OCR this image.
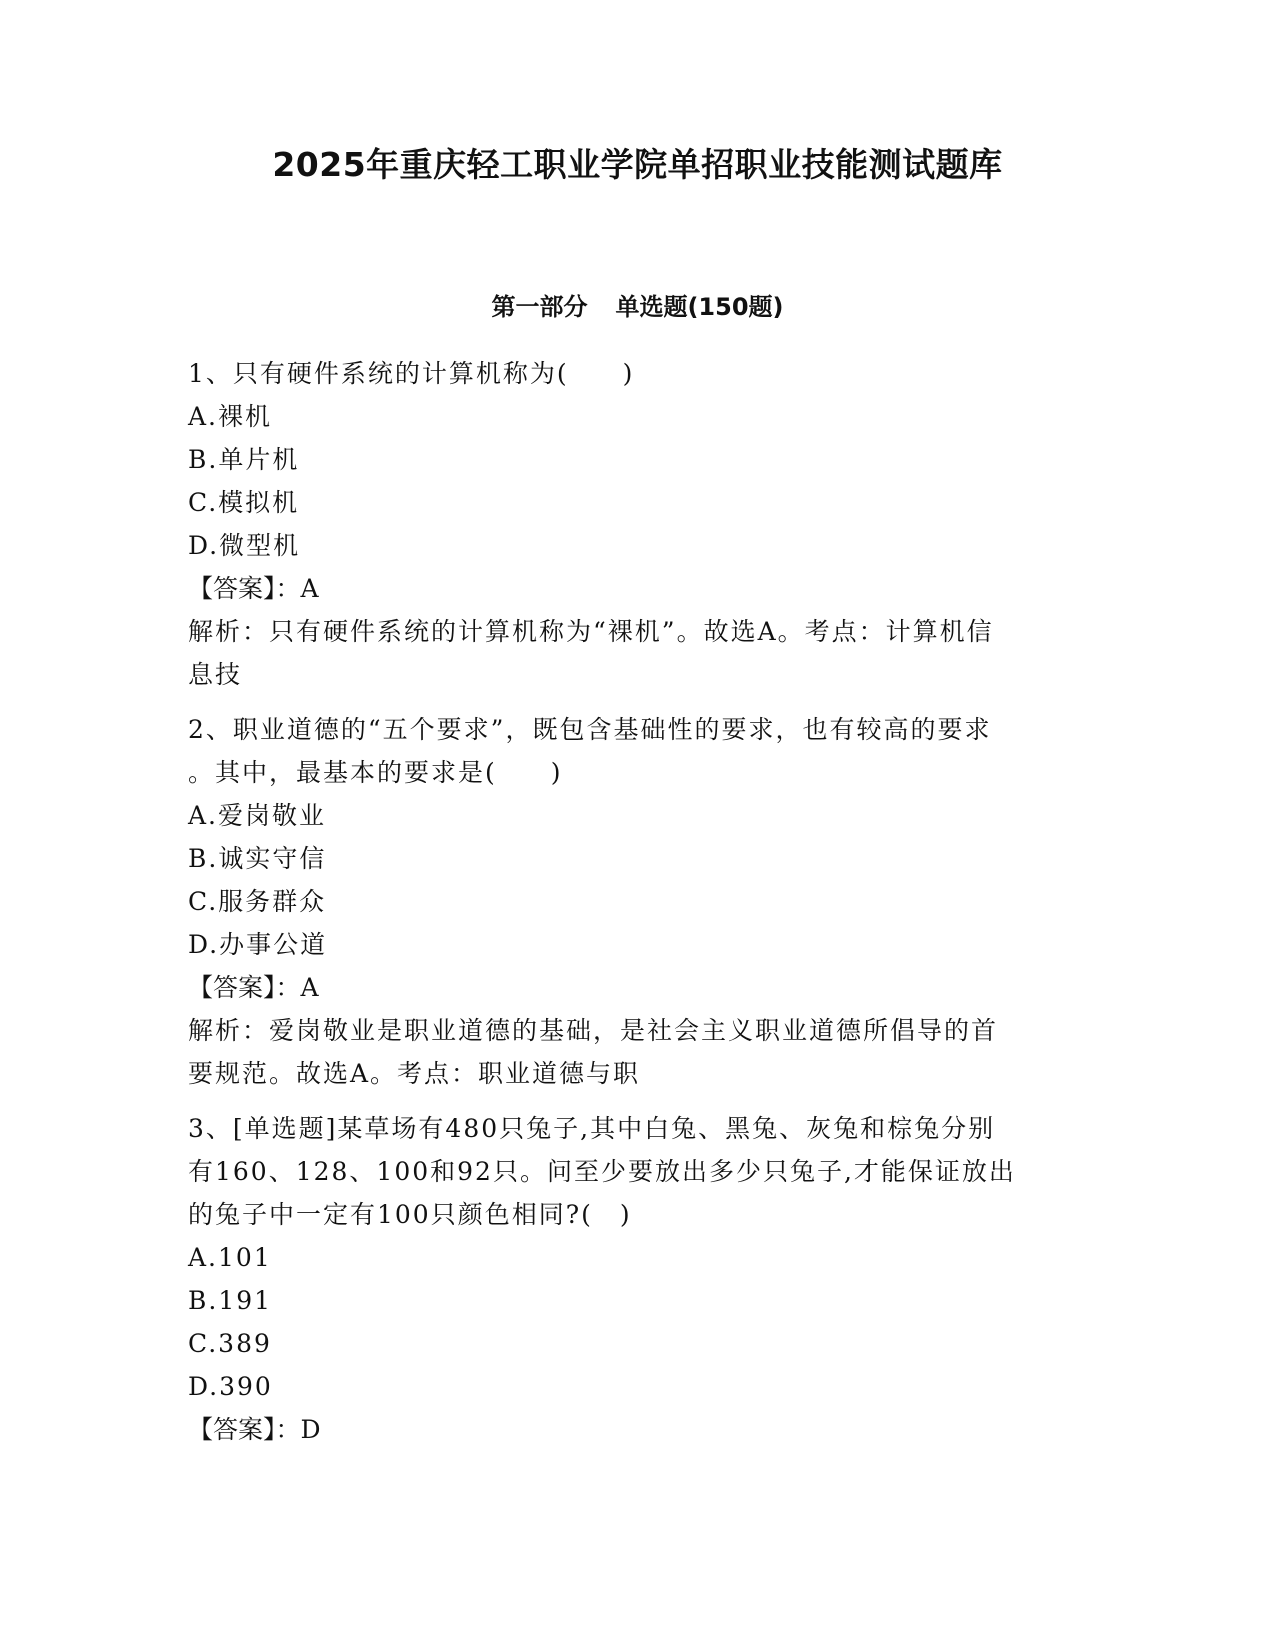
2025年重庆轻工职业学院单招职业技能测试题库
第一部分 单选题(150题)
1、只有硬件系统的计算机称为(　　)
A.裸机
B.单片机
C.模拟机
D.微型机
【答案】：A
解析：只有硬件系统的计算机称为“裸机”。故选A。考点：计算机信
息技
2、职业道德的“五个要求”，既包含基础性的要求，也有较高的要求
。其中，最基本的要求是(　　)
A.爱岗敬业
B.诚实守信
C.服务群众
D.办事公道
【答案】：A
解析：爱岗敬业是职业道德的基础，是社会主义职业道德所倡导的首
要规范。故选A。考点：职业道德与职
3、[单选题]某草场有480只兔子,其中白兔、黑兔、灰兔和棕兔分别
有160、128、100和92只。问至少要放出多少只兔子,才能保证放出
的兔子中一定有100只颜色相同?(　)
A.101
B.191
C.389
D.390
【答案】：D
